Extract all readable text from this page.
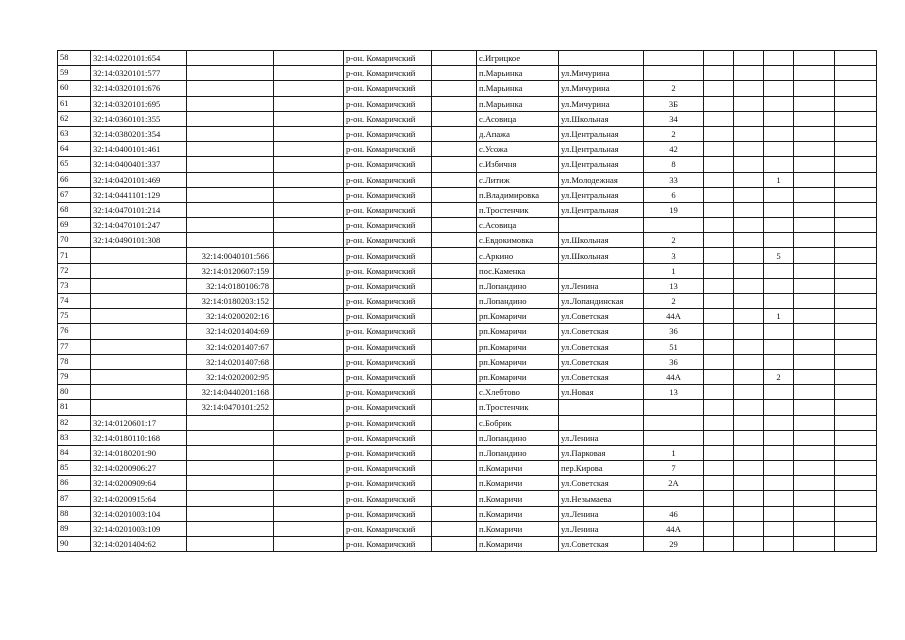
58	32:14:0220101:654			р-он. Комаричский		с.Игрицкое							
59	32:14:0320101:577			р-он. Комаричский		п.Марьинка	ул.Мичурина						
60	32:14:0320101:676			р-он. Комаричский		п.Марьинка	ул.Мичурина	2					
61	32:14:0320101:695			р-он. Комаричский		п.Марьинка	ул.Мичурина	3Б					
62	32:14:0360101:355			р-он. Комаричский		с.Асовица	ул.Школьная	34					
63	32:14:0380201:354			р-он. Комаричский		д.Апажа	ул.Центральная	2					
64	32:14:0400101:461			р-он. Комаричский		с.Усожа	ул.Центральная	42					
65	32:14:0400401:337			р-он. Комаричский		с.Избичня	ул.Центральная	8					
66	32:14:0420101:469			р-он. Комаричский		с.Литиж	ул.Молодежная	33			1		
67	32:14:0441101:129			р-он. Комаричский		п.Владимировка	ул.Центральная	6					
68	32:14:0470101:214			р-он. Комаричский		п.Тростенчик	ул.Центральная	19					
69	32:14:0470101:247			р-он. Комаричский		с.Асовица							
70	32:14:0490101:308			р-он. Комаричский		с.Евдокимовка	ул.Школьная	2					
71		32:14:0040101:566		р-он. Комаричский		с.Аркино	ул.Школьная	3			5		
72		32:14:0120607:159		р-он. Комаричский		пос.Каменка		1					
73		32:14:0180106:78		р-он. Комаричский		п.Лопандино	ул.Ленина	13					
74		32:14:0180203:152		р-он. Комаричский		п.Лопандино	ул.Лопандинская	2					
75		32:14:0200202:16		р-он. Комаричский		рп.Комаричи	ул.Советская	44А			1		
76		32:14:0201404:69		р-он. Комаричский		рп.Комаричи	ул.Советская	36					
77		32:14:0201407:67		р-он. Комаричский		рп.Комаричи	ул.Советская	51					
78		32:14:0201407:68		р-он. Комаричский		рп.Комаричи	ул.Советская	36					
79		32:14:0202002:95		р-он. Комаричский		рп.Комаричи	ул.Советская	44А			2		
80		32:14:0440201:168		р-он. Комаричский		с.Хлебтово	ул.Новая	13					
81		32:14:0470101:252		р-он. Комаричский		п.Тростенчик							
82	32:14:0120601:17			р-он. Комаричский		с.Бобрик							
83	32:14:0180110:168			р-он. Комаричский		п.Лопандино	ул.Ленина						
84	32:14:0180201:90			р-он. Комаричский		п.Лопандино	ул.Парковая	1					
85	32:14:0200906:27			р-он. Комаричский		п.Комаричи	пер.Кирова	7					
86	32:14:0200909:64			р-он. Комаричский		п.Комаричи	ул.Советская	2А					
87	32:14:0200915:64			р-он. Комаричский		п.Комаричи	ул.Незымаева						
88	32:14:0201003:104			р-он. Комаричский		п.Комаричи	ул.Ленина	46					
89	32:14:0201003:109			р-он. Комаричский		п.Комаричи	ул.Ленина	44А					
90	32:14:0201404:62			р-он. Комаричский		п.Комаричи	ул.Советская	29					
